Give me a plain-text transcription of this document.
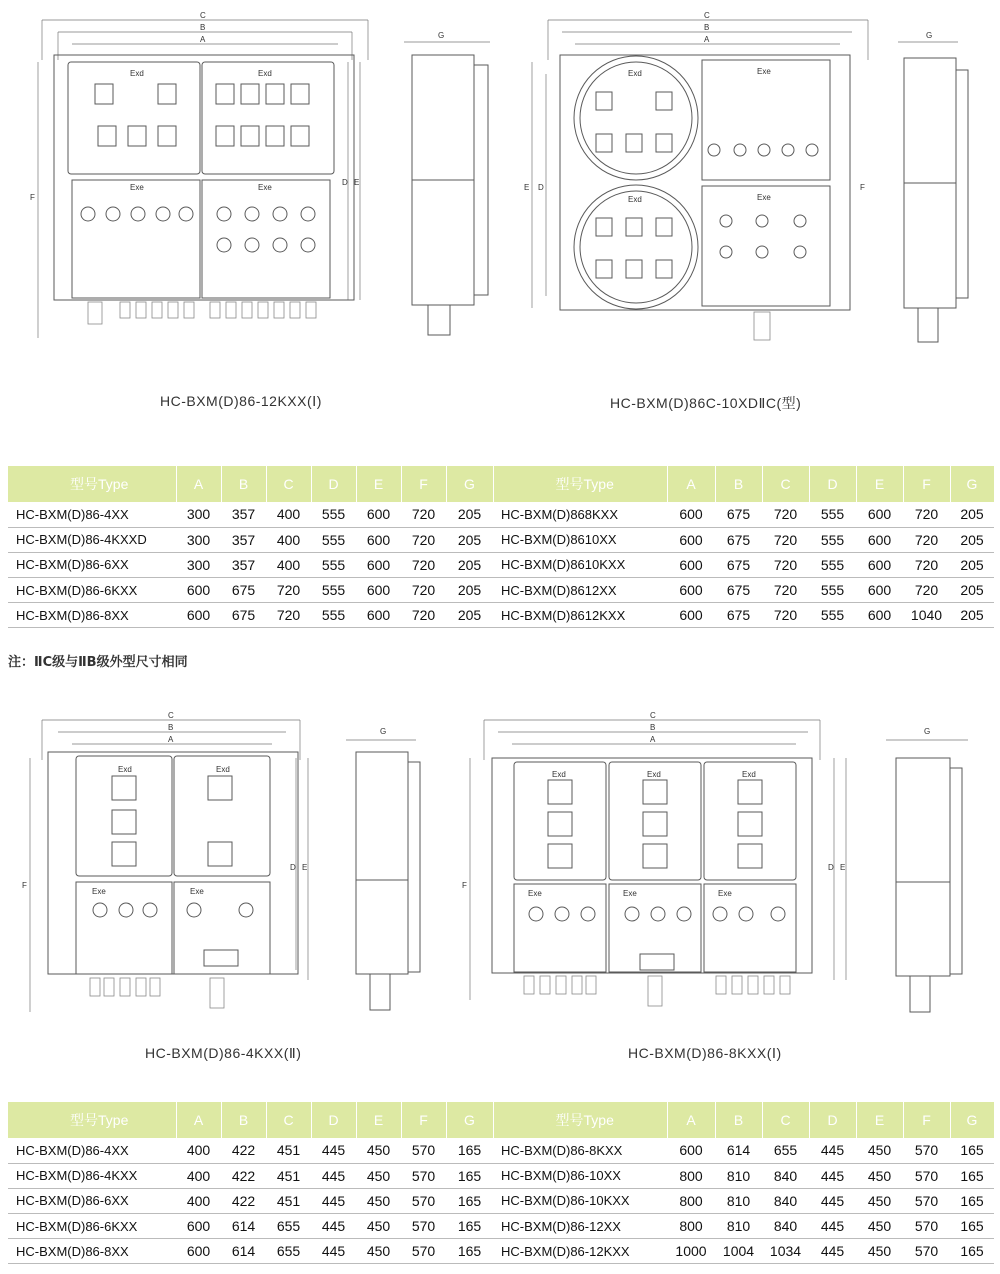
C
B
A
F
D E
G
Exd	Exd
Exe	Exe
C
B
A
E D	F
G
Exd
Exd
Exe
Exe
HC-BXM(D)86-12KXX(Ⅰ)	HC-BXM(D)86C-10XDⅡC(型)
型号Type	A	B	C	D	E	F	G	型号Type	A	B	C	D	E	F	G
HC-BXM(D)86-4XX	300	357	400	555	600	720	205	HC-BXM(D)868KXX	600	675	720	555	600	720	205
HC-BXM(D)86-4KXXD	300	357	400	555	600	720	205	HC-BXM(D)8610XX	600	675	720	555	600	720	205
HC-BXM(D)86-6XX	300	357	400	555	600	720	205	HC-BXM(D)8610KXX	600	675	720	555	600	720	205
HC-BXM(D)86-6KXX	600	675	720	555	600	720	205	HC-BXM(D)8612XX	600	675	720	555	600	720	205
HC-BXM(D)86-8XX	600	675	720	555	600	720	205	HC-BXM(D)8612KXX	600	675	720	555	600	1040	205
注：ⅡC级与ⅡB级外型尺寸相同
C
B
A
F
D E
G
Exd	Exd
Exe	Exe
C
B
A
F
D E
G
Exd	Exd	Exd
Exe	Exe	Exe
HC-BXM(D)86-4KXX(Ⅱ)	HC-BXM(D)86-8KXX(Ⅰ)
型号Type	A	B	C	D	E	F	G	型号Type	A	B	C	D	E	F	G
HC-BXM(D)86-4XX	400	422	451	445	450	570	165	HC-BXM(D)86-8KXX	600	614	655	445	450	570	165
HC-BXM(D)86-4KXX	400	422	451	445	450	570	165	HC-BXM(D)86-10XX	800	810	840	445	450	570	165
HC-BXM(D)86-6XX	400	422	451	445	450	570	165	HC-BXM(D)86-10KXX	800	810	840	445	450	570	165
HC-BXM(D)86-6KXX	600	614	655	445	450	570	165	HC-BXM(D)86-12XX	800	810	840	445	450	570	165
HC-BXM(D)86-8XX	600	614	655	445	450	570	165	HC-BXM(D)86-12KXX	1000	1004	1034	445	450	570	165
